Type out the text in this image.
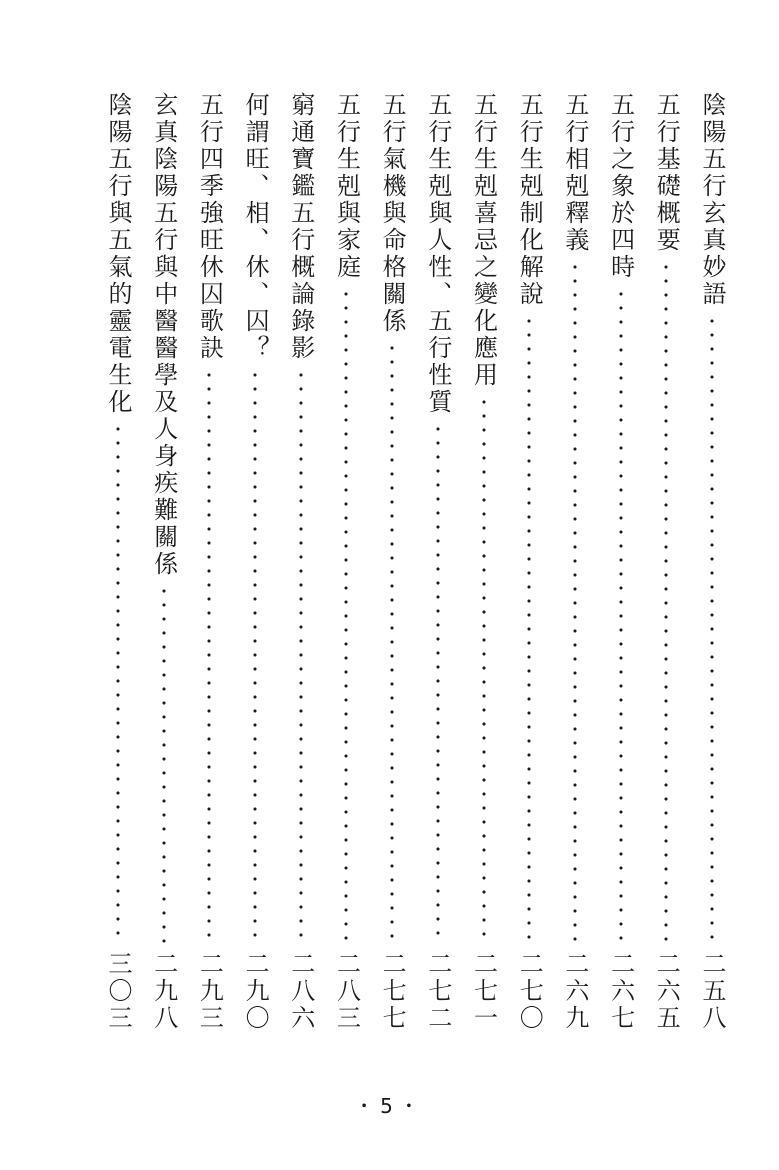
陰陽五行玄真妙語
二五八
五行基礎概要
二六五
五行之象於四時
二六七
五行相剋釋義
二六九
五行生剋制化解說
二七〇
五行生剋喜忌之變化應用
二七一
五行生剋與人性、五行性質
二七二
五行氣機與命格關係
二七七
五行生剋與家庭
二八三
窮通寶鑑五行概論錄影
二八六
何謂旺、相、休、囚？
二九〇
五行四季強旺休囚歌訣
二九三
玄真陰陽五行與中醫醫學及人身疾難關係
二九八
陰陽五行與五氣的靈電生化
三〇三
・5・
